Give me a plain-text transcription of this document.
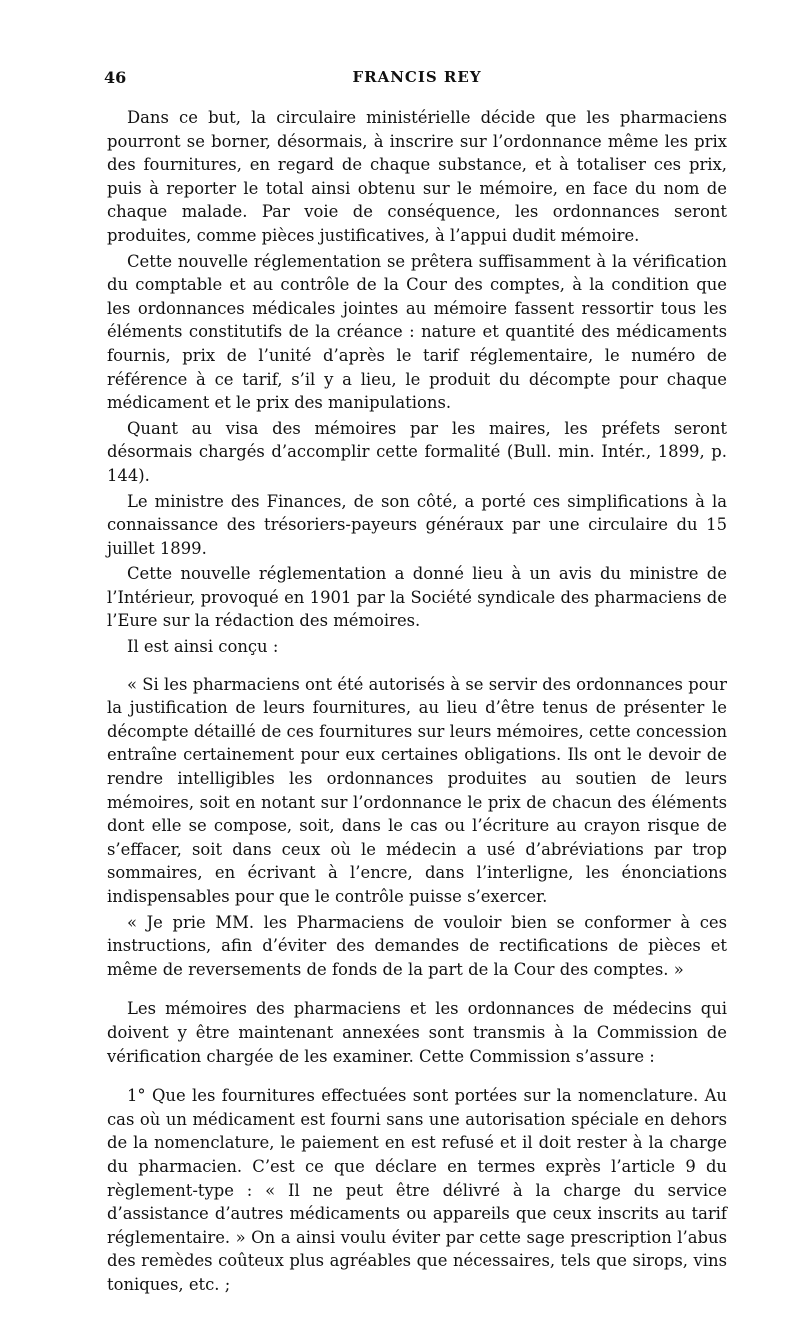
46	FRANCIS REY

Dans ce but, la circulaire ministérielle décide que les pharmaciens pourront se borner, désormais, à inscrire sur l’ordonnance même les prix des fournitures, en regard de chaque substance, et à totaliser ces prix, puis à reporter le total ainsi obtenu sur le mémoire, en face du nom de chaque malade. Par voie de conséquence, les ordonnances seront produites, comme pièces justificatives, à l’appui dudit mémoire.

Cette nouvelle réglementation se prêtera suffisamment à la vérification du comptable et au contrôle de la Cour des comptes, à la condition que les ordonnances médicales jointes au mémoire fassent ressortir tous les éléments constitutifs de la créance : nature et quantité des médicaments fournis, prix de l’unité d’après le tarif réglementaire, le numéro de référence à ce tarif, s’il y a lieu, le produit du décompte pour chaque médicament et le prix des manipulations.

Quant au visa des mémoires par les maires, les préfets seront désormais chargés d’accomplir cette formalité (Bull. min. Intér., 1899, p. 144).

Le ministre des Finances, de son côté, a porté ces simplifications à la connaissance des trésoriers-payeurs généraux par une circulaire du 15 juillet 1899.

Cette nouvelle réglementation a donné lieu à un avis du ministre de l’Intérieur, provoqué en 1901 par la Société syndicale des pharmaciens de l’Eure sur la rédaction des mémoires.

Il est ainsi conçu :

« Si les pharmaciens ont été autorisés à se servir des ordonnances pour la justification de leurs fournitures, au lieu d’être tenus de présenter le décompte détaillé de ces fournitures sur leurs mémoires, cette concession entraîne certainement pour eux certaines obligations. Ils ont le devoir de rendre intelligibles les ordonnances produites au soutien de leurs mémoires, soit en notant sur l’ordonnance le prix de chacun des éléments dont elle se compose, soit, dans le cas ou l’écriture au crayon risque de s’effacer, soit dans ceux où le médecin a usé d’abréviations par trop sommaires, en écrivant à l’encre, dans l’interligne, les énonciations indispensables pour que le contrôle puisse s’exercer.

« Je prie MM. les Pharmaciens de vouloir bien se conformer à ces instructions, afin d’éviter des demandes de rectifications de pièces et même de reversements de fonds de la part de la Cour des comptes. »

Les mémoires des pharmaciens et les ordonnances de médecins qui doivent y être maintenant annexées sont transmis à la Commission de vérification chargée de les examiner. Cette Commission s’assure :

1° Que les fournitures effectuées sont portées sur la nomenclature. Au cas où un médicament est fourni sans une autorisation spéciale en dehors de la nomenclature, le paiement en est refusé et il doit rester à la charge du pharmacien. C’est ce que déclare en termes exprès l’article 9 du règlement-type : « Il ne peut être délivré à la charge du service d’assistance d’autres médicaments ou appareils que ceux inscrits au tarif réglementaire. » On a ainsi voulu éviter par cette sage prescription l’abus des remèdes coûteux plus agréables que nécessaires, tels que sirops, vins toniques, etc. ;
